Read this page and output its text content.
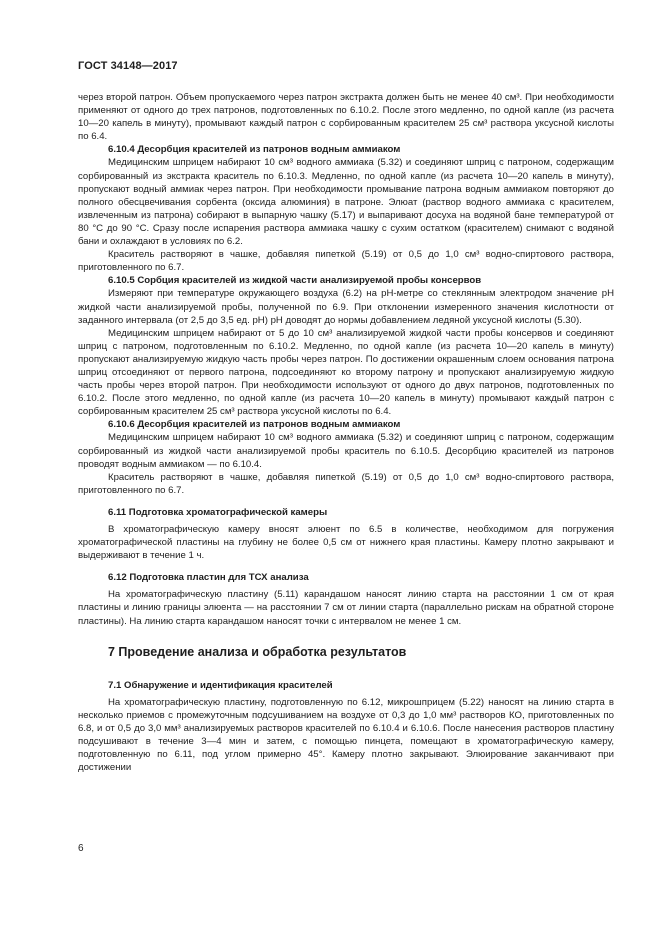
ГОСТ 34148—2017

через второй патрон. Объем пропускаемого через патрон экстракта должен быть не менее 40 см³. При необходимости применяют от одного до трех патронов, подготовленных по 6.10.2. После этого медленно, по одной капле (из расчета 10—20 капель в минуту), промывают каждый патрон с сорбированным красителем 25 см³ раствора уксусной кислоты по 6.4.

6.10.4 Десорбция красителей из патронов водным аммиаком

Медицинским шприцем набирают 10 см³ водного аммиака (5.32) и соединяют шприц с патроном, содержащим сорбированный из экстракта краситель по 6.10.3. Медленно, по одной капле (из расчета 10—20 капель в минуту), пропускают водный аммиак через патрон. При необходимости промывание патрона водным аммиаком повторяют до полного обесцвечивания сорбента (оксида алюминия) в патроне. Элюат (раствор водного аммиака с красителем, извлеченным из патрона) собирают в выпарную чашку (5.17) и выпаривают досуха на водяной бане температурой от 80 °С до 90 °С. Сразу после испарения раствора аммиака чашку с сухим остатком (красителем) снимают с водяной бани и охлаждают в условиях по 6.2.

Краситель растворяют в чашке, добавляя пипеткой (5.19) от 0,5 до 1,0 см³ водно-спиртового раствора, приготовленного по 6.7.

6.10.5 Сорбция красителей из жидкой части анализируемой пробы консервов

Измеряют при температуре окружающего воздуха (6.2) на рН-метре со стеклянным электродом значение рН жидкой части анализируемой пробы, полученной по 6.9. При отклонении измеренного значения кислотности от заданного интервала (от 2,5 до 3,5 ед. рН) рН доводят до нормы добавлением ледяной уксусной кислоты (5.30).

Медицинским шприцем набирают от 5 до 10 см³ анализируемой жидкой части пробы консервов и соединяют шприц с патроном, подготовленным по 6.10.2. Медленно, по одной капле (из расчета 10—20 капель в минуту) пропускают анализируемую жидкую часть пробы через патрон. По достижении окрашенным слоем основания патрона шприц отсоединяют от первого патрона, подсоединяют ко второму патрону и пропускают анализируемую жидкую часть пробы через второй патрон. При необходимости используют от одного до двух патронов, подготовленных по 6.10.2. После этого медленно, по одной капле (из расчета 10—20 капель в минуту) промывают каждый патрон с сорбированным красителем 25 см³ раствора уксусной кислоты по 6.4.

6.10.6 Десорбция красителей из патронов водным аммиаком

Медицинским шприцем набирают 10 см³ водного аммиака (5.32) и соединяют шприц с патроном, содержащим сорбированный из жидкой части анализируемой пробы краситель по 6.10.5. Десорбцию красителей из патронов проводят водным аммиаком — по 6.10.4.

Краситель растворяют в чашке, добавляя пипеткой (5.19) от 0,5 до 1,0 см³ водно-спиртового раствора, приготовленного по 6.7.

6.11 Подготовка хроматографической камеры

В хроматографическую камеру вносят элюент по 6.5 в количестве, необходимом для погружения хроматографической пластины на глубину не более 0,5 см от нижнего края пластины. Камеру плотно закрывают и выдерживают в течение 1 ч.

6.12 Подготовка пластин для ТСХ анализа

На хроматографическую пластину (5.11) карандашом наносят линию старта на расстоянии 1 см от края пластины и линию границы элюента — на расстоянии 7 см от линии старта (параллельно рискам на обратной стороне пластины). На линию старта карандашом наносят точки с интервалом не менее 1 см.

7 Проведение анализа и обработка результатов

7.1 Обнаружение и идентификация красителей

На хроматографическую пластину, подготовленную по 6.12, микрошприцем (5.22) наносят на линию старта в несколько приемов с промежуточным подсушиванием на воздухе от 0,3 до 1,0 мм³ растворов КО, приготовленных по 6.8, и от 0,5 до 3,0 мм³ анализируемых растворов красителей по 6.10.4 и 6.10.6. После нанесения растворов пластину подсушивают в течение 3—4 мин и затем, с помощью пинцета, помещают в хроматографическую камеру, подготовленную по 6.11, под углом примерно 45°. Камеру плотно закрывают. Элюирование заканчивают при достижении

6
